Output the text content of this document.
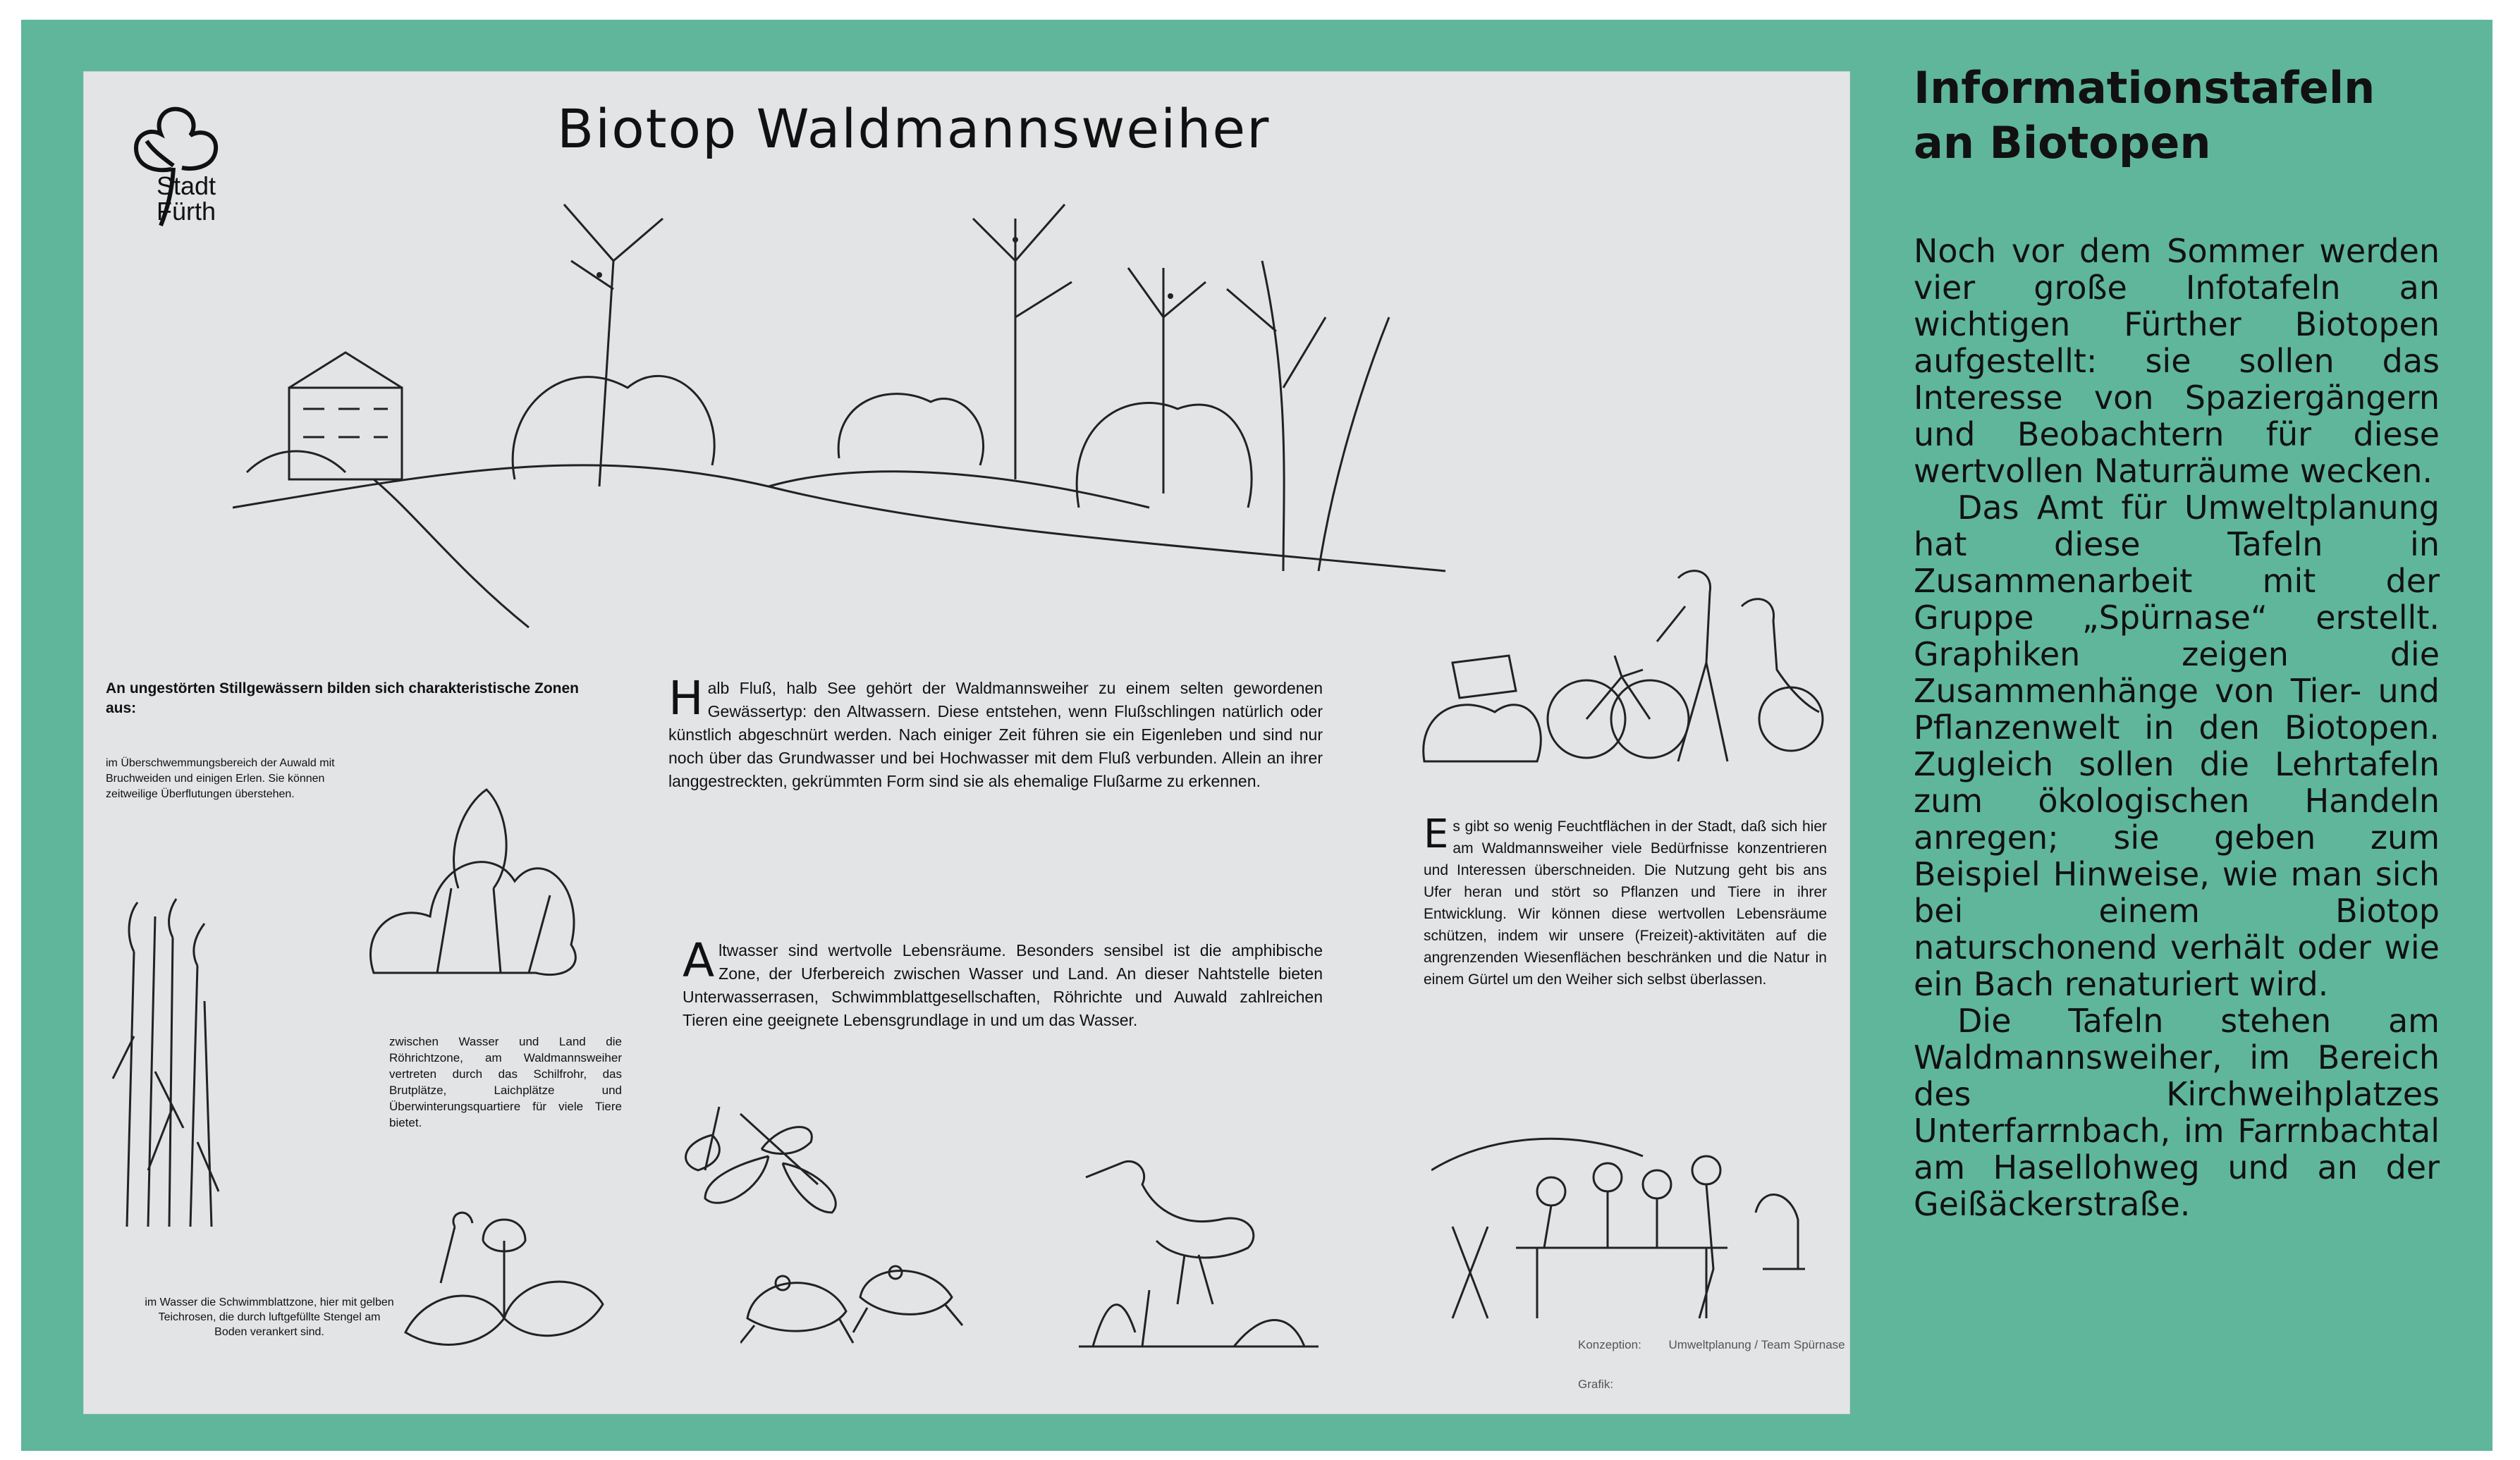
Stadt
Fürth
Biotop Waldmannsweiher
An ungestörten Stillgewässern bilden sich charakteristische Zonen aus:
im Überschwemmungsbereich der Auwald mit Bruchweiden und einigen Erlen. Sie können zeitweilige Überflutungen überstehen.
zwischen Wasser und Land die Röhrichtzone, am Waldmannsweiher vertreten durch das Schilfrohr, das Brutplätze, Laichplätze und Überwinterungsquartiere für viele Tiere bietet.
im Wasser die Schwimmblattzone, hier mit gelben Teichrosen, die durch luftgefüllte Stengel am Boden verankert sind.
Halb Fluß, halb See gehört der Waldmannsweiher zu einem selten gewordenen Gewässertyp: den Altwassern. Diese entstehen, wenn Flußschlingen natürlich oder künstlich abgeschnürt werden. Nach einiger Zeit führen sie ein Eigenleben und sind nur noch über das Grundwasser und bei Hochwasser mit dem Fluß verbunden. Allein an ihrer langgestreckten, gekrümmten Form sind sie als ehemalige Flußarme zu erkennen.
Altwasser sind wertvolle Lebensräume. Besonders sensibel ist die amphibische Zone, der Uferbereich zwischen Wasser und Land. An dieser Nahtstelle bieten Unterwasserrasen, Schwimmblattgesellschaften, Röhrichte und Auwald zahlreichen Tieren eine geeignete Lebensgrundlage in und um das Wasser.
Es gibt so wenig Feuchtflächen in der Stadt, daß sich hier am Waldmannsweiher viele Bedürfnisse konzentrieren und Interessen überschneiden. Die Nutzung geht bis ans Ufer heran und stört so Pflanzen und Tiere in ihrer Entwicklung. Wir können diese wertvollen Lebensräume schützen, indem wir unsere (Freizeit)-aktivitäten auf die angrenzenden Wiesenflächen beschränken und die Natur in einem Gürtel um den Weiher sich selbst überlassen.
Konzeption: Umweltplanung / Team Spürnase
Grafik:
Informationstafeln
an Biotopen

Noch vor dem Sommer werden vier große Infotafeln an wichtigen Fürther Biotopen aufgestellt: sie sollen das Interesse von Spaziergängern und Beobachtern für diese wertvollen Naturräume wecken.

Das Amt für Umweltplanung hat diese Tafeln in Zusammenarbeit mit der Gruppe „Spürnase“ erstellt. Graphiken zeigen die Zusammenhänge von Tier- und Pflanzenwelt in den Biotopen. Zugleich sollen die Lehrtafeln zum ökologischen Handeln anregen; sie geben zum Beispiel Hinweise, wie man sich bei einem Biotop naturschonend verhält oder wie ein Bach renaturiert wird.

Die Tafeln stehen am Waldmannsweiher, im Bereich des Kirchweihplatzes Unterfarrnbach, im Farrnbachtal am Hasellohweg und an der Geißäckerstraße.
